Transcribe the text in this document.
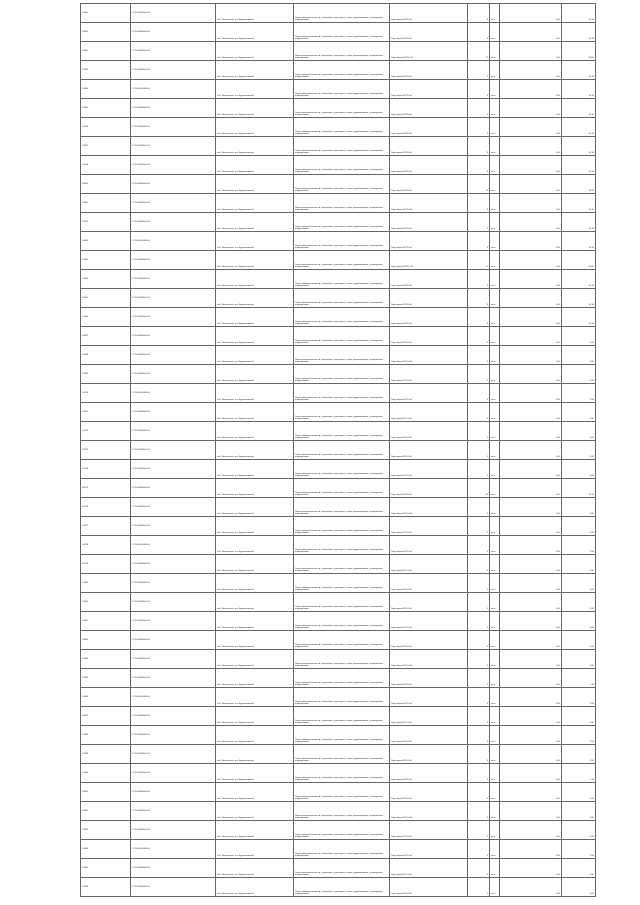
10450	27:04:0000000:00	обл. Ивановская, р-н Фурмановский	Земли промышленности, энергетики, транспорта, связи, радиовещания, телевидения, информатики	Под опоры ВЛ-35 кВ	9	кв.м	1,00	10,34
10451	27:04:0000000:00	обл. Ивановская, р-н Фурмановский	Земли промышленности, энергетики, транспорта, связи, радиовещания, телевидения, информатики	Под опоры ВЛ-35 кВ	9	кв.м	1,00	10,34
10452	27:04:0000000:00	обл. Ивановская, р-н Фурмановский	Земли промышленности, энергетики, транспорта, связи, радиовещания, телевидения, информатики	Под опоры ВЛ-110 кВ	17	кв.м	1,00	20,65
10453	27:04:0000000:00	обл. Ивановская, р-н Фурмановский	Земли промышленности, энергетики, транспорта, связи, радиовещания, телевидения, информатики	Под опоры ВЛ-35 кВ	9	кв.м	1,00	10,34
10454	27:04:0000000:00	обл. Ивановская, р-н Фурмановский	Земли промышленности, энергетики, транспорта, связи, радиовещания, телевидения, информатики	Под опоры ВЛ-35 кВ	9	кв.м	1,00	10,34
10455	27:04:0000000:00	обл. Ивановская, р-н Фурмановский	Земли промышленности, энергетики, транспорта, связи, радиовещания, телевидения, информатики	Под опоры ВЛ-35 кВ	9	кв.м	1,00	10,34
10456	27:04:0000000:00	обл. Ивановская, р-н Фурмановский	Земли промышленности, энергетики, транспорта, связи, радиовещания, телевидения, информатики	Под опоры ВЛ-35 кВ	9	кв.м	1,00	10,34
10457	27:04:0000000:00	обл. Ивановская, р-н Фурмановский	Земли промышленности, энергетики, транспорта, связи, радиовещания, телевидения, информатики	Под опоры ВЛ-35 кВ	9	кв.м	1,00	10,34
10458	27:04:0000000:00	обл. Ивановская, р-н Фурмановский	Земли промышленности, энергетики, транспорта, связи, радиовещания, телевидения, информатики	Под опоры ВЛ-35 кВ	9	кв.м	1,00	10,34
10459	27:04:0000000:00	обл. Ивановская, р-н Фурмановский	Земли промышленности, энергетики, транспорта, связи, радиовещания, телевидения, информатики	Под опоры ВЛ-35 кВ	11	кв.м	1,00	13,37
10460	27:04:0000000:00	обл. Ивановская, р-н Фурмановский	Земли промышленности, энергетики, транспорта, связи, радиовещания, телевидения, информатики	Под опоры ВЛ-35 кВ	9	кв.м	1,00	10,34
10461	27:04:0000000:00	обл. Ивановская, р-н Фурмановский	Земли промышленности, энергетики, транспорта, связи, радиовещания, телевидения, информатики	Под опоры ВЛ-35 кВ	9	кв.м	1,00	10,34
10462	27:04:0000000:00	обл. Ивановская, р-н Фурмановский	Земли промышленности, энергетики, транспорта, связи, радиовещания, телевидения, информатики	Под опоры ВЛ-35 кВ	9	кв.м	1,00	10,34
10463	27:04:0000000:00	обл. Ивановская, р-н Фурмановский	Земли промышленности, энергетики, транспорта, связи, радиовещания, телевидения, информатики	Под опоры ВЛ-110 кВ	17	кв.м	1,00	20,65
10464	27:04:0000000:00	обл. Ивановская, р-н Фурмановский	Земли промышленности, энергетики, транспорта, связи, радиовещания, телевидения, информатики	Под опоры ВЛ-35 кВ	9	кв.м	1,00	10,34
10465	27:04:0000000:00	обл. Ивановская, р-н Фурмановский	Земли промышленности, энергетики, транспорта, связи, радиовещания, телевидения, информатики	Под опоры ВЛ-35 кВ	9	кв.м	1,00	10,34
10466	27:04:0000000:00	обл. Ивановская, р-н Фурмановский	Земли промышленности, энергетики, транспорта, связи, радиовещания, телевидения, информатики	Под опоры ВЛ-35 кВ	9	кв.м	1,00	10,34
10467	27:04:0000000:00	обл. Ивановская, р-н Фурмановский	Земли промышленности, энергетики, транспорта, связи, радиовещания, телевидения, информатики	Под опоры ВЛ-10 кВ	5	кв.м	1,00	5,95
10468	27:04:0000000:00	обл. Ивановская, р-н Фурмановский	Земли промышленности, энергетики, транспорта, связи, радиовещания, телевидения, информатики	Под опоры ВЛ-10 кВ	5	кв.м	1,00	5,95
10469	27:04:0000000:00	обл. Ивановская, р-н Фурмановский	Земли промышленности, энергетики, транспорта, связи, радиовещания, телевидения, информатики	Под опоры ВЛ-10 кВ	5	кв.м	1,00	5,95
10470	27:04:0000000:00	обл. Ивановская, р-н Фурмановский	Земли промышленности, энергетики, транспорта, связи, радиовещания, телевидения, информатики	Под опоры ВЛ-10 кВ	5	кв.м	1,00	5,95
10471	27:04:0000000:00	обл. Ивановская, р-н Фурмановский	Земли промышленности, энергетики, транспорта, связи, радиовещания, телевидения, информатики	Под опоры ВЛ-10 кВ	5	кв.м	1,00	5,95
10472	27:04:0000000:00	обл. Ивановская, р-н Фурмановский	Земли промышленности, энергетики, транспорта, связи, радиовещания, телевидения, информатики	Под опоры ВЛ-10 кВ	5	кв.м	1,00	5,95
10473	27:04:0000000:00	обл. Ивановская, р-н Фурмановский	Земли промышленности, энергетики, транспорта, связи, радиовещания, телевидения, информатики	Под опоры ВЛ-10 кВ	5	кв.м	1,00	5,95
10474	27:04:0000000:00	обл. Ивановская, р-н Фурмановский	Земли промышленности, энергетики, транспорта, связи, радиовещания, телевидения, информатики	Под опоры ВЛ-10 кВ	5	кв.м	1,00	5,95
10475	27:04:0000000:00	обл. Ивановская, р-н Фурмановский	Земли промышленности, энергетики, транспорта, связи, радиовещания, телевидения, информатики	Под опоры ВЛ-35 кВ	45	кв.м	1,00	12,15
10476	27:04:0000000:00	обл. Ивановская, р-н Фурмановский	Земли промышленности, энергетики, транспорта, связи, радиовещания, телевидения, информатики	Под опоры ВЛ-10 кВ	5	кв.м	1,00	5,95
10477	27:04:0000000:00	обл. Ивановская, р-н Фурмановский	Земли промышленности, энергетики, транспорта, связи, радиовещания, телевидения, информатики	Под опоры ВЛ-10 кВ	5	кв.м	1,00	5,95
10478	27:04:0000000:00	обл. Ивановская, р-н Фурмановский	Земли промышленности, энергетики, транспорта, связи, радиовещания, телевидения, информатики	Под опоры ВЛ-10 кВ	5	кв.м	1,00	5,95
10479	27:04:0000000:00	обл. Ивановская, р-н Фурмановский	Земли промышленности, энергетики, транспорта, связи, радиовещания, телевидения, информатики	Под опоры ВЛ-10 кВ	5	кв.м	1,00	5,95
10480	27:04:0000000:00	обл. Ивановская, р-н Фурмановский	Земли промышленности, энергетики, транспорта, связи, радиовещания, телевидения, информатики	Под опоры ВЛ-10 кВ	5	кв.м	1,00	5,95
10481	27:04:0000000:00	обл. Ивановская, р-н Фурмановский	Земли промышленности, энергетики, транспорта, связи, радиовещания, телевидения, информатики	Под опоры ВЛ-10 кВ	5	кв.м	1,00	5,95
10482	27:04:0000000:00	обл. Ивановская, р-н Фурмановский	Земли промышленности, энергетики, транспорта, связи, радиовещания, телевидения, информатики	Под опоры ВЛ-10 кВ	5	кв.м	1,00	5,95
10483	27:04:0000000:00	обл. Ивановская, р-н Фурмановский	Земли промышленности, энергетики, транспорта, связи, радиовещания, телевидения, информатики	Под опоры ВЛ-10 кВ	5	кв.м	1,00	5,95
10484	27:04:0000000:00	обл. Ивановская, р-н Фурмановский	Земли промышленности, энергетики, транспорта, связи, радиовещания, телевидения, информатики	Под опоры ВЛ-10 кВ	5	кв.м	1,00	5,95
10485	27:04:0000000:00	обл. Ивановская, р-н Фурмановский	Земли промышленности, энергетики, транспорта, связи, радиовещания, телевидения, информатики	Под опоры ВЛ-35 кВ	4	кв.м	1,00	5,12
10486	27:04:0000000:00	обл. Ивановская, р-н Фурмановский	Земли промышленности, энергетики, транспорта, связи, радиовещания, телевидения, информатики	Под опоры ВЛ-10 кВ	3	кв.м	1,00	3,55
10487	27:04:0000000:00	обл. Ивановская, р-н Фурмановский	Земли промышленности, энергетики, транспорта, связи, радиовещания, телевидения, информатики	Под опоры ВЛ-10 кВ	3	кв.м	1,00	3,55
10488	27:04:0000000:00	обл. Ивановская, р-н Фурмановский	Земли промышленности, энергетики, транспорта, связи, радиовещания, телевидения, информатики	Под опоры ВЛ-10 кВ	3	кв.м	1,00	3,55
10489	27:04:0000000:00	обл. Ивановская, р-н Фурмановский	Земли промышленности, энергетики, транспорта, связи, радиовещания, телевидения, информатики	Под опоры ВЛ-10 кВ	3	кв.м	1,00	3,55
10490	27:04:0000000:00	обл. Ивановская, р-н Фурмановский	Земли промышленности, энергетики, транспорта, связи, радиовещания, телевидения, информатики	Под опоры ВЛ-35 кВ	4	кв.м	1,00	5,12
10491	27:04:0000000:00	обл. Ивановская, р-н Фурмановский	Земли промышленности, энергетики, транспорта, связи, радиовещания, телевидения, информатики	Под опоры ВЛ-10 кВ	5	кв.м	1,00	5,95
10492	27:04:0000000:00	обл. Ивановская, р-н Фурмановский	Земли промышленности, энергетики, транспорта, связи, радиовещания, телевидения, информатики	Под опоры ВЛ-10 кВ	5	кв.м	1,00	5,95
10493	27:04:0000000:00	обл. Ивановская, р-н Фурмановский	Земли промышленности, энергетики, транспорта, связи, радиовещания, телевидения, информатики	Под опоры ВЛ-10 кВ	5	кв.м	1,00	5,95
10494	27:04:0000000:00	обл. Ивановская, р-н Фурмановский	Земли промышленности, энергетики, транспорта, связи, радиовещания, телевидения, информатики	Под опоры ВЛ-10 кВ	5	кв.м	1,00	5,95
10495	27:04:0000000:00	обл. Ивановская, р-н Фурмановский	Земли промышленности, энергетики, транспорта, связи, радиовещания, телевидения, информатики	Под опоры ВЛ-10 кВ	5	кв.м	1,00	5,95
10496	27:04:0000000:00	обл. Ивановская, р-н Фурмановский	Земли промышленности, энергетики, транспорта, связи, радиовещания, телевидения, информатики	Под опоры ВЛ-10 кВ	5	кв.м	1,00	5,95
